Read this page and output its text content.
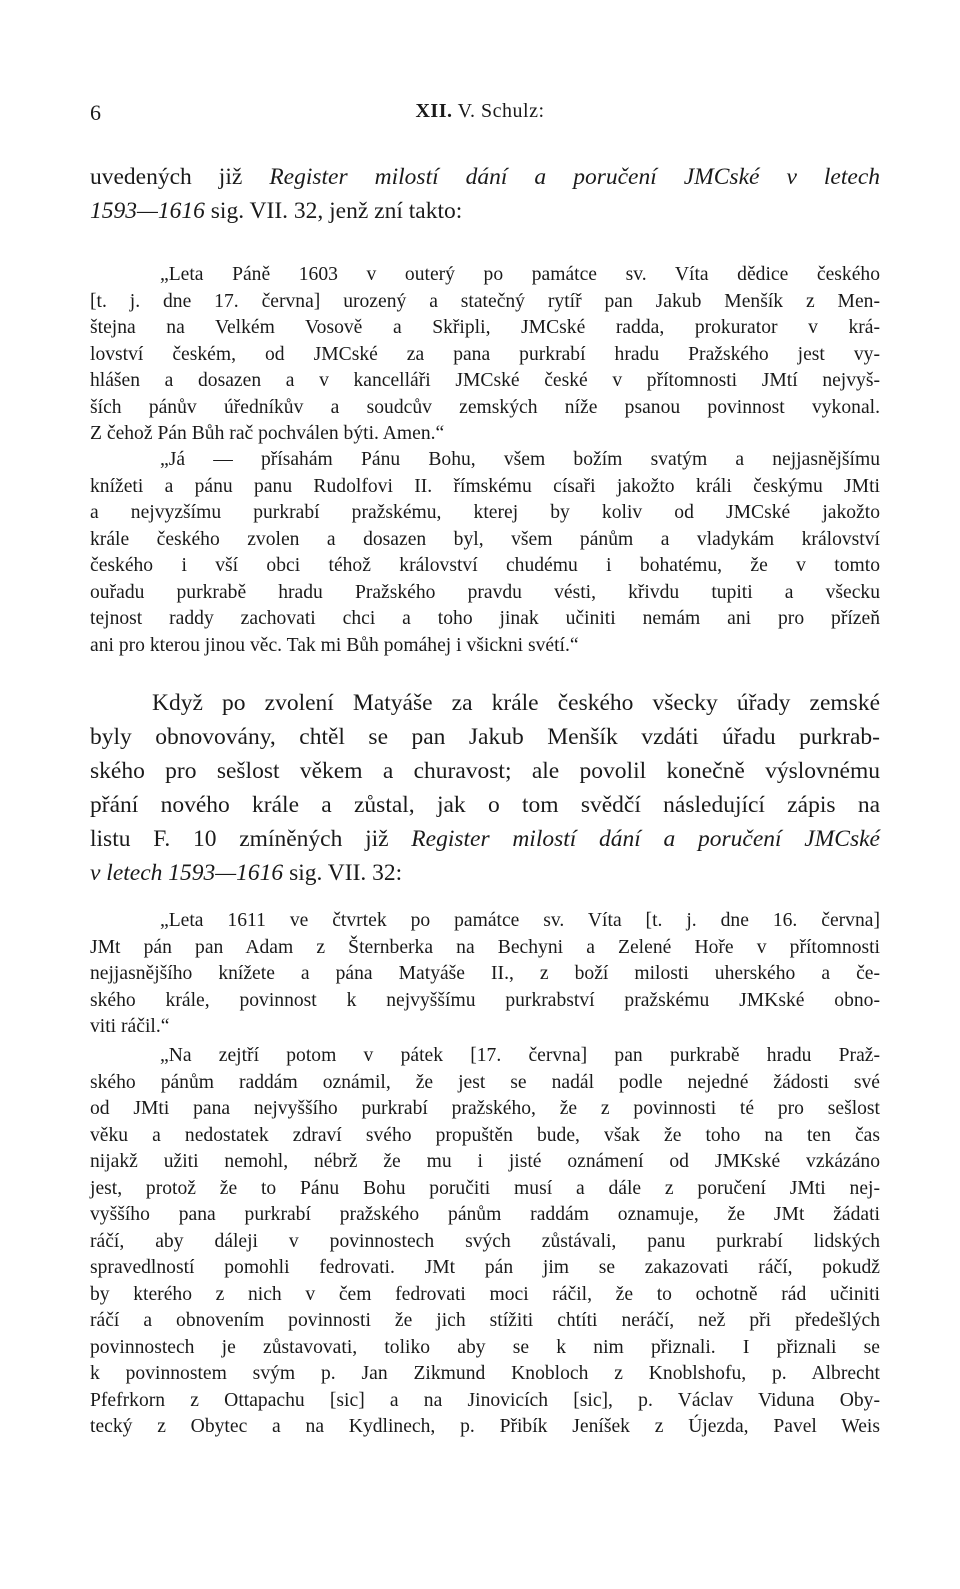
6	XII. V. Schulz:
uvedených již Register milostí dání a poručení JMCské v letech
1593—1616 sig. VII. 32, jenž zní takto:
„Leta Páně 1603 v outerý po památce sv. Víta dědice českého
[t. j. dne 17. června] urozený a statečný rytíř pan Jakub Menšík z Men-
štejna na Velkém Vosově a Skřipli, JMCské radda, prokurator v krá-
lovství českém, od JMCské za pana purkrabí hradu Pražského jest vy-
hlášen a dosazen a v kancelláři JMCské české v přítomnosti JMtí nejvyš-
ších pánův úředníkův a soudcův zemských níže psanou povinnost vykonal.
Z čehož Pán Bůh rač pochválen býti. Amen.“
„Já — přísahám Pánu Bohu, všem božím svatým a nejjasnějšímu
knížeti a pánu panu Rudolfovi II. římskému císaři jakožto králi českýmu JMti
a nejvyzšímu purkrabí pražskému, kterej by koliv od JMCské jakožto
krále českého zvolen a dosazen byl, všem pánům a vladykám království
českého i vší obci téhož království chudému i bohatému, že v tomto
ouřadu purkrabě hradu Pražského pravdu vésti, křivdu tupiti a všecku
tejnost raddy zachovati chci a toho jinak učiniti nemám ani pro přízeň
ani pro kterou jinou věc. Tak mi Bůh pomáhej i všickni svétí.“
Když po zvolení Matyáše za krále českého všecky úřady zemské
byly obnovovány, chtěl se pan Jakub Menšík vzdáti úřadu purkrab-
ského pro sešlost věkem a churavost; ale povolil konečně výslovnému
přání nového krále a zůstal, jak o tom svědčí následující zápis na
listu F. 10 zmíněných již Register milostí dání a poručení JMCské
v letech 1593—1616 sig. VII. 32:
„Leta 1611 ve čtvrtek po památce sv. Víta [t. j. dne 16. června]
JMt pán pan Adam z Šternberka na Bechyni a Zelené Hoře v přítomnosti
nejjasnějšího knížete a pána Matyáše II., z boží milosti uherského a če-
ského krále, povinnost k nejvyššímu purkrabství pražskému JMKské obno-
viti ráčil.“
„Na zejtří potom v pátek [17. června] pan purkrabě hradu Praž-
ského pánům raddám oznámil, že jest se nadál podle nejedné žádosti své
od JMti pana nejvyššího purkrabí pražského, že z povinnosti té pro sešlost
věku a nedostatek zdraví svého propuštěn bude, však že toho na ten čas
nijakž užiti nemohl, nébrž že mu i jisté oznámení od JMKské vzkázáno
jest, protož že to Pánu Bohu poručiti musí a dále z poručení JMti nej-
vyššího pana purkrabí pražského pánům raddám oznamuje, že JMt žádati
ráčí, aby dáleji v povinnostech svých zůstávali, panu purkrabí lidských
spravedlností pomohli fedrovati. JMt pán jim se zakazovati ráčí, pokudž
by kterého z nich v čem fedrovati moci ráčil, že to ochotně rád učiniti
ráčí a obnovením povinnosti že jich stížiti chtíti neráčí, než při předešlých
povinnostech je zůstavovati, toliko aby se k nim přiznali. I přiznali se
k povinnostem svým p. Jan Zikmund Knobloch z Knoblshofu, p. Albrecht
Pfefrkorn z Ottapachu [sic] a na Jinovicích [sic], p. Václav Viduna Oby-
tecký z Obytec a na Kydlinech, p. Přibík Jeníšek z Újezda, Pavel Weis
